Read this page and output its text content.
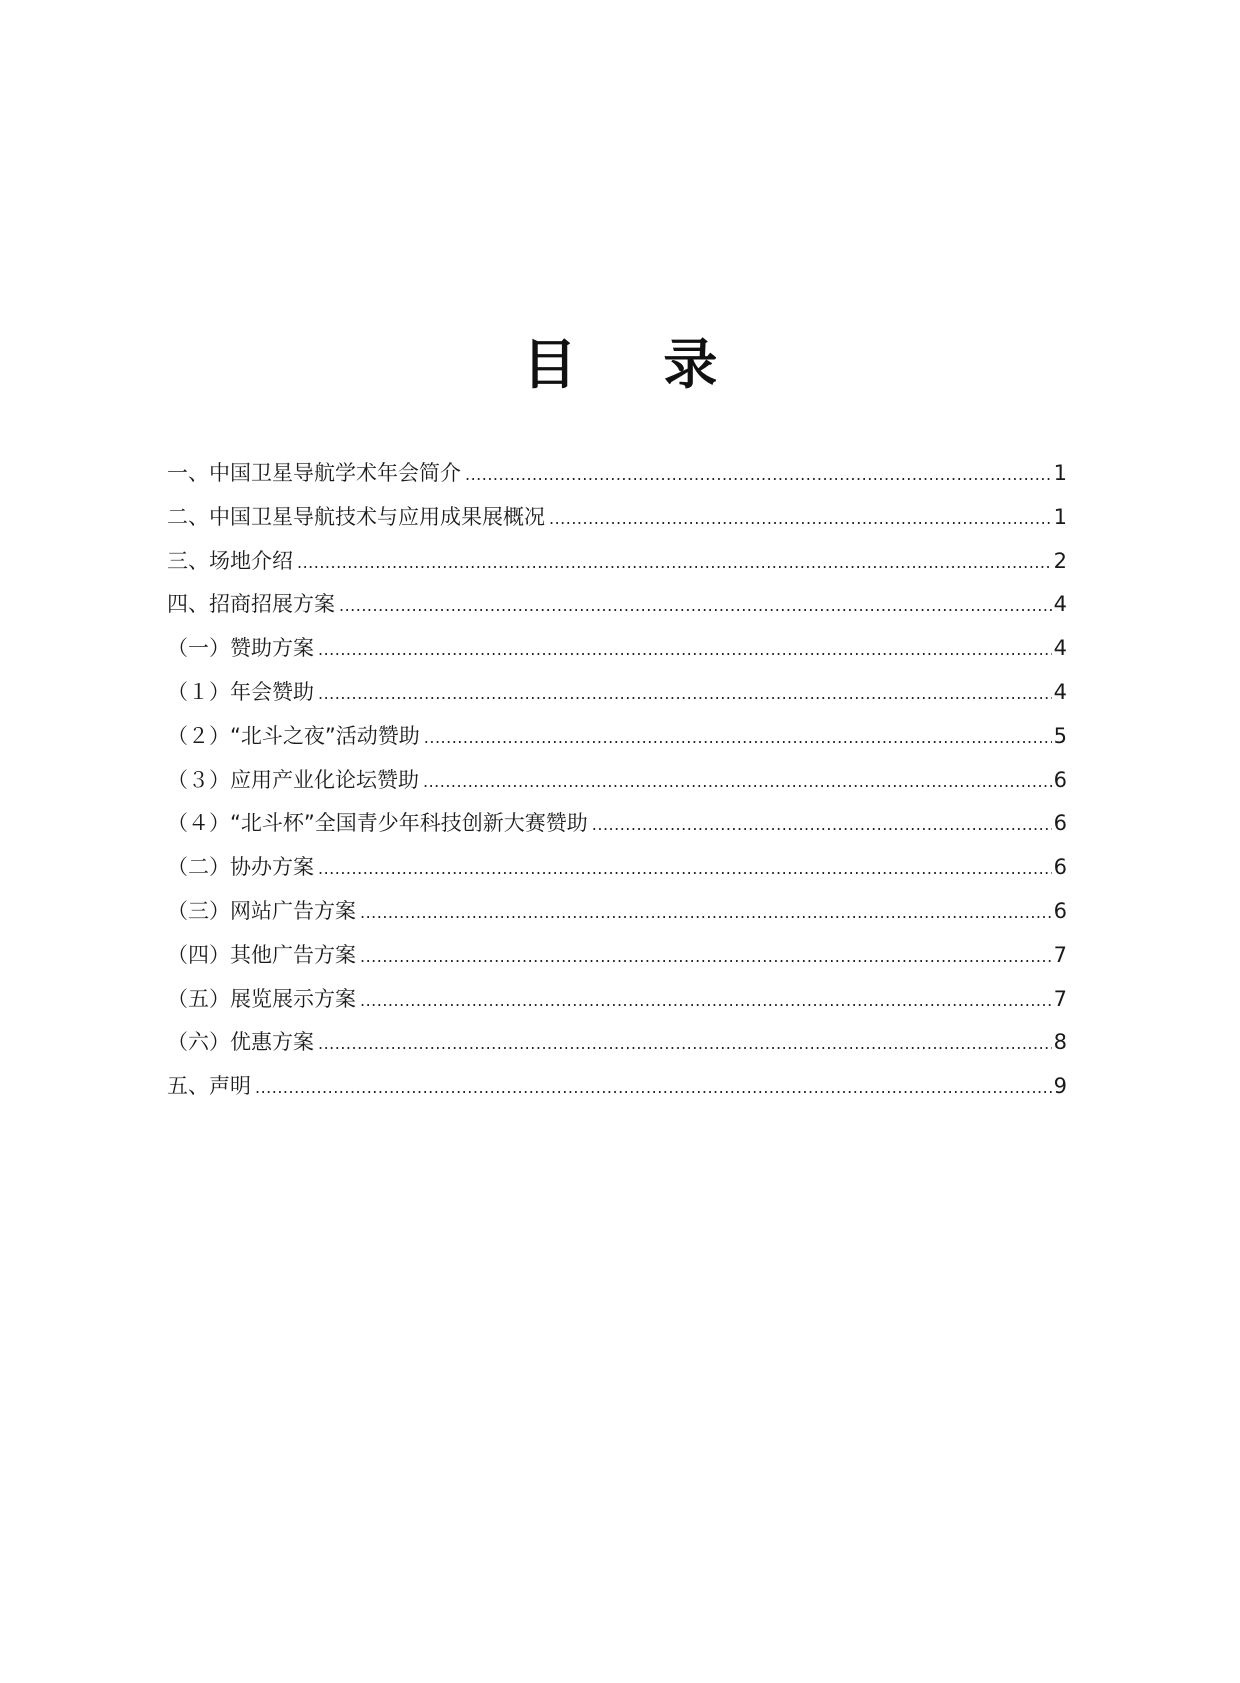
目 录
一、中国卫星导航学术年会简介 .....	1
二、中国卫星导航技术与应用成果展概况 .....	1
三、场地介绍 .....	2
四、招商招展方案 .....	4
（一）赞助方案 .....	4
（１）年会赞助 .....	4
（２）“北斗之夜”活动赞助 .....	5
（３）应用产业化论坛赞助 .....	6
（４）“北斗杯”全国青少年科技创新大赛赞助 .....	6
（二）协办方案 .....	6
（三）网站广告方案 .....	6
（四）其他广告方案 .....	7
（五）展览展示方案 .....	7
（六）优惠方案 .....	8
五、声明 .....	9
